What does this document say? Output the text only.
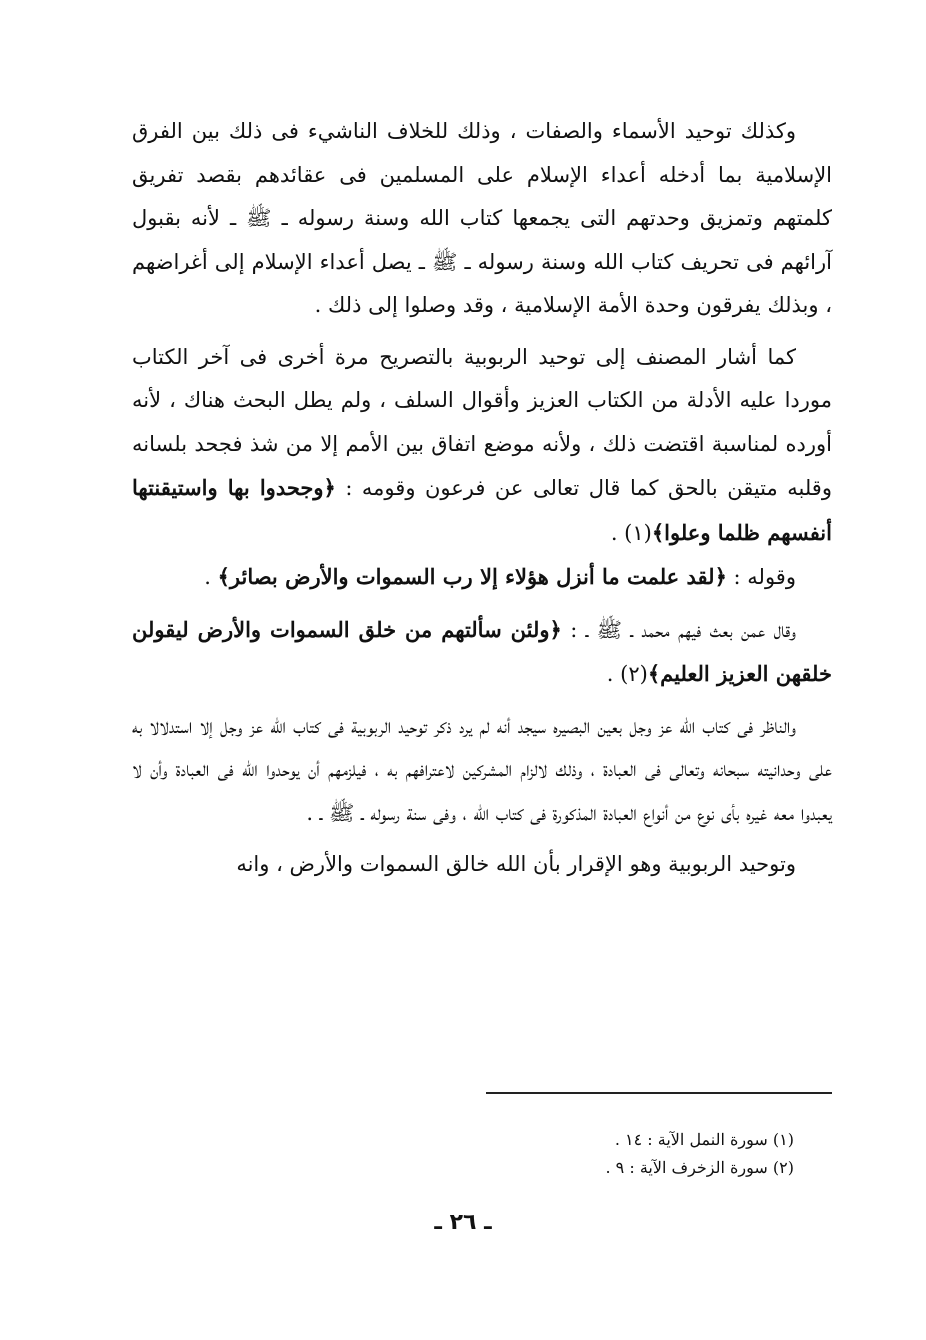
وكذلك توحيد الأسماء والصفات ، وذلك للخلاف الناشيء فى ذلك بين الفرق الإسلامية بما أدخله أعداء الإسلام على المسلمين فى عقائدهم بقصد تفريق كلمتهم وتمزيق وحدتهم التى يجمعها كتاب الله وسنة رسوله ـ ﷺ ـ لأنه بقبول آرائهم فى تحريف كتاب الله وسنة رسوله ـ ﷺ ـ يصل أعداء الإسلام إلى أغراضهم ، وبذلك يفرقون وحدة الأمة الإسلامية ، وقد وصلوا إلى ذلك .

كما أشار المصنف إلى توحيد الربوبية بالتصريح مرة أخرى فى آخر الكتاب موردا عليه الأدلة من الكتاب العزيز وأقوال السلف ، ولم يطل البحث هناك ، لأنه أورده لمناسبة اقتضت ذلك ، ولأنه موضع اتفاق بين الأمم إلا من شذ فجحد بلسانه وقلبه متيقن بالحق كما قال تعالى عن فرعون وقومه : ﴿وجحدوا بها واستيقنتها أنفسهم ظلما وعلوا﴾(١) .

وقوله : ﴿لقد علمت ما أنزل هؤلاء إلا رب السموات والأرض بصائر﴾ .

وقال عمن بعث فيهم محمد ـ ﷺ ـ : ﴿ولئن سألتهم من خلق السموات والأرض ليقولن خلقهن العزيز العليم﴾(٢) .

والناظر فى كتاب الله عز وجل بعين البصيره سيجد أنه لم يرد ذكر توحيد الربوبية فى كتاب الله عز وجل إلا استدلالا به على وحدانيته سبحانه وتعالى فى العبادة ، وذلك لالزام المشركين لاعترافهم به ، فيلزمهم أن يوحدوا الله فى العبادة وأن لا يعبدوا معه غيره بأى نوع من أنواع العبادة المذكورة فى كتاب الله ، وفى سنة رسوله ـ ﷺ ـ .

وتوحيد الربوبية وهو الإقرار بأن الله خالق السموات والأرض ، وانه

(١) سورة النمل الآية : ١٤ .

(٢) سورة الزخرف الآية : ٩ .

ـ ٢٦ ـ
